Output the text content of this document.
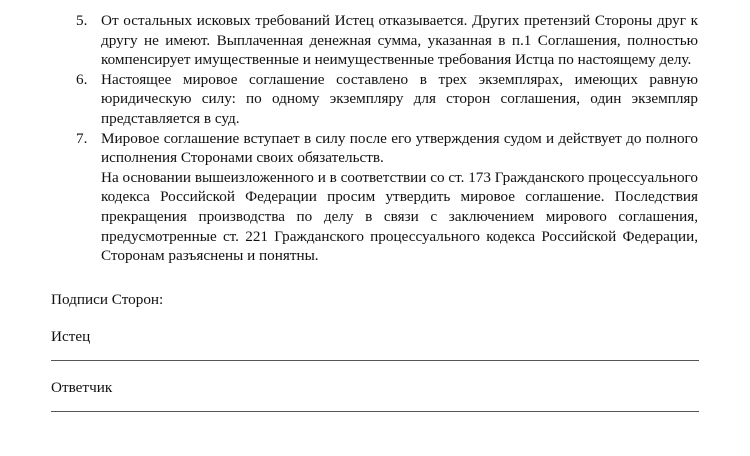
5. От остальных исковых требований Истец отказывается. Других претензий Стороны друг к другу не имеют. Выплаченная денежная сумма, указанная в п.1 Соглашения, полностью компенсирует имущественные и неимущественные требования Истца по настоящему делу.
6. Настоящее мировое соглашение составлено в трех экземплярах, имеющих равную юридическую силу: по одному экземпляру для сторон соглашения, один экземпляр представляется в суд.
7. Мировое соглашение вступает в силу после его утверждения судом и действует до полного исполнения Сторонами своих обязательств.
На основании вышеизложенного и в соответствии со ст. 173 Гражданского процессуального кодекса Российской Федерации просим утвердить мировое соглашение. Последствия прекращения производства по делу в связи с заключением мирового соглашения, предусмотренные ст. 221 Гражданского процессуального кодекса Российской Федерации, Сторонам разъяснены и понятны.
Подписи Сторон:
Истец
Ответчик
